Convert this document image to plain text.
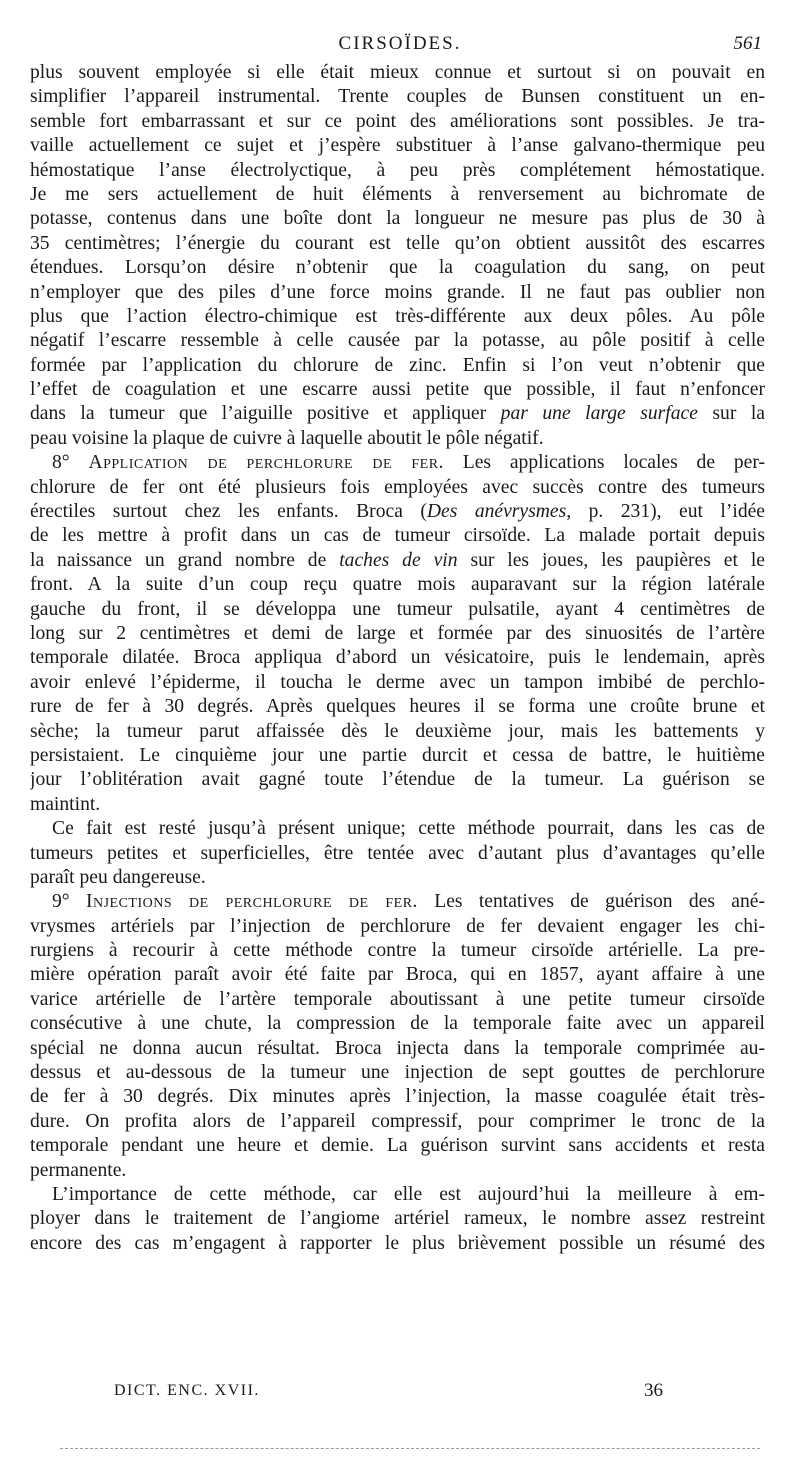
CIRSOÏDES.	561
plus souvent employée si elle était mieux connue et surtout si on pouvait en
simplifier l’appareil instrumental. Trente couples de Bunsen constituent un en-
semble fort embarrassant et sur ce point des améliorations sont possibles. Je tra-
vaille actuellement ce sujet et j’espère substituer à l’anse galvano-thermique peu
hémostatique l’anse électrolyctique, à peu près complétement hémostatique.
Je me sers actuellement de huit éléments à renversement au bichromate de
potasse, contenus dans une boîte dont la longueur ne mesure pas plus de 30 à
35 centimètres; l’énergie du courant est telle qu’on obtient aussitôt des escarres
étendues. Lorsqu’on désire n’obtenir que la coagulation du sang, on peut
n’employer que des piles d’une force moins grande. Il ne faut pas oublier non
plus que l’action électro-chimique est très-différente aux deux pôles. Au pôle
négatif l’escarre ressemble à celle causée par la potasse, au pôle positif à celle
formée par l’application du chlorure de zinc. Enfin si l’on veut n’obtenir que
l’effet de coagulation et une escarre aussi petite que possible, il faut n’enfoncer
dans la tumeur que l’aiguille positive et appliquer par une large surface sur la
peau voisine la plaque de cuivre à laquelle aboutit le pôle négatif.
8° Application de perchlorure de fer. Les applications locales de per-
chlorure de fer ont été plusieurs fois employées avec succès contre des tumeurs
érectiles surtout chez les enfants. Broca (Des anévrysmes, p. 231), eut l’idée
de les mettre à profit dans un cas de tumeur cirsoïde. La malade portait depuis
la naissance un grand nombre de taches de vin sur les joues, les paupières et le
front. A la suite d’un coup reçu quatre mois auparavant sur la région latérale
gauche du front, il se développa une tumeur pulsatile, ayant 4 centimètres de
long sur 2 centimètres et demi de large et formée par des sinuosités de l’artère
temporale dilatée. Broca appliqua d’abord un vésicatoire, puis le lendemain, après
avoir enlevé l’épiderme, il toucha le derme avec un tampon imbibé de perchlo-
rure de fer à 30 degrés. Après quelques heures il se forma une croûte brune et
sèche; la tumeur parut affaissée dès le deuxième jour, mais les battements y
persistaient. Le cinquième jour une partie durcit et cessa de battre, le huitième
jour l’oblitération avait gagné toute l’étendue de la tumeur. La guérison se
maintint.
Ce fait est resté jusqu’à présent unique; cette méthode pourrait, dans les cas de
tumeurs petites et superficielles, être tentée avec d’autant plus d’avantages qu’elle
paraît peu dangereuse.
9° Injections de perchlorure de fer. Les tentatives de guérison des ané-
vrysmes artériels par l’injection de perchlorure de fer devaient engager les chi-
rurgiens à recourir à cette méthode contre la tumeur cirsoïde artérielle. La pre-
mière opération paraît avoir été faite par Broca, qui en 1857, ayant affaire à une
varice artérielle de l’artère temporale aboutissant à une petite tumeur cirsoïde
consécutive à une chute, la compression de la temporale faite avec un appareil
spécial ne donna aucun résultat. Broca injecta dans la temporale comprimée au-
dessus et au-dessous de la tumeur une injection de sept gouttes de perchlorure
de fer à 30 degrés. Dix minutes après l’injection, la masse coagulée était très-
dure. On profita alors de l’appareil compressif, pour comprimer le tronc de la
temporale pendant une heure et demie. La guérison survint sans accidents et resta
permanente.
L’importance de cette méthode, car elle est aujourd’hui la meilleure à em-
ployer dans le traitement de l’angiome artériel rameux, le nombre assez restreint
encore des cas m’engagent à rapporter le plus brièvement possible un résumé des
DICT. ENC. XVII.	36
